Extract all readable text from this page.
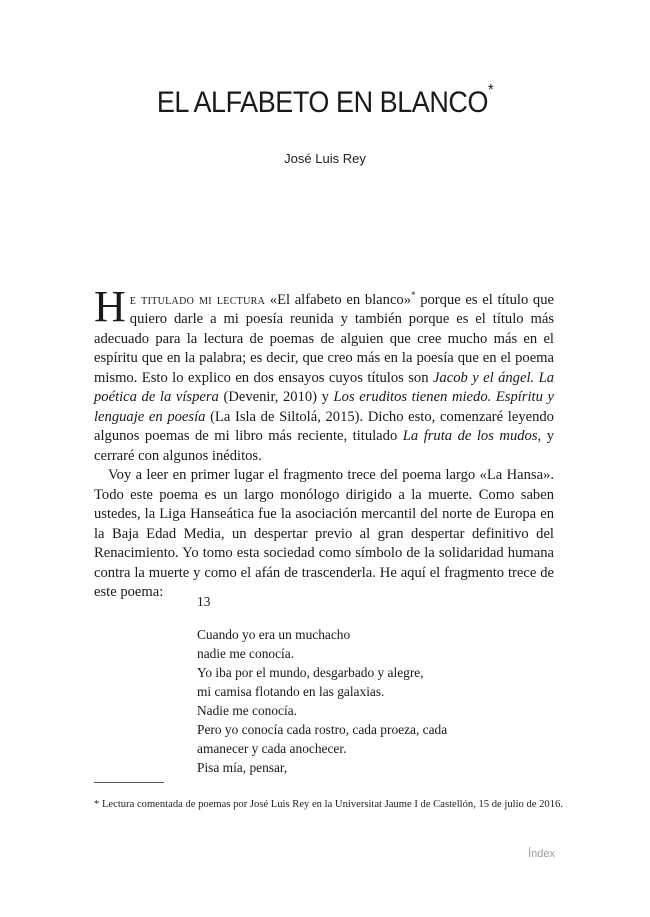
EL ALFABETO EN BLANCO*
José Luis Rey

He titulado mi lectura «El alfabeto en blanco»* porque es el título que quiero darle a mi poesía reunida y también porque es el título más adecuado para la lectura de poemas de alguien que cree mucho más en el espíritu que en la palabra; es decir, que creo más en la poesía que en el poema mismo. Esto lo explico en dos ensayos cuyos títulos son Jacob y el ángel. La poética de la víspera (Devenir, 2010) y Los eruditos tienen miedo. Espíritu y lenguaje en poesía (La Isla de Siltolá, 2015). Dicho esto, comenzaré leyendo algunos poemas de mi libro más reciente, titulado La fruta de los mudos, y cerraré con algunos inéditos.

Voy a leer en primer lugar el fragmento trece del poema largo «La Hansa». Todo este poema es un largo monólogo dirigido a la muerte. Como saben ustedes, la Liga Hanseática fue la asociación mercantil del norte de Europa en la Baja Edad Media, un despertar previo al gran despertar definitivo del Renacimiento. Yo tomo esta sociedad como símbolo de la solidaridad humana contra la muerte y como el afán de trascenderla. He aquí el fragmento trece de este poema:

13
Cuando yo era un muchacho
nadie me conocía.
Yo iba por el mundo, desgarbado y alegre,
mi camisa flotando en las galaxias.
Nadie me conocía.
Pero yo conocía cada rostro, cada proeza, cada
amanecer y cada anochecer.
Pisa mía, pensar,
* Lectura comentada de poemas por José Luis Rey en la Universitat Jaume I de Castellón, 15 de julio de 2016.
Índex
